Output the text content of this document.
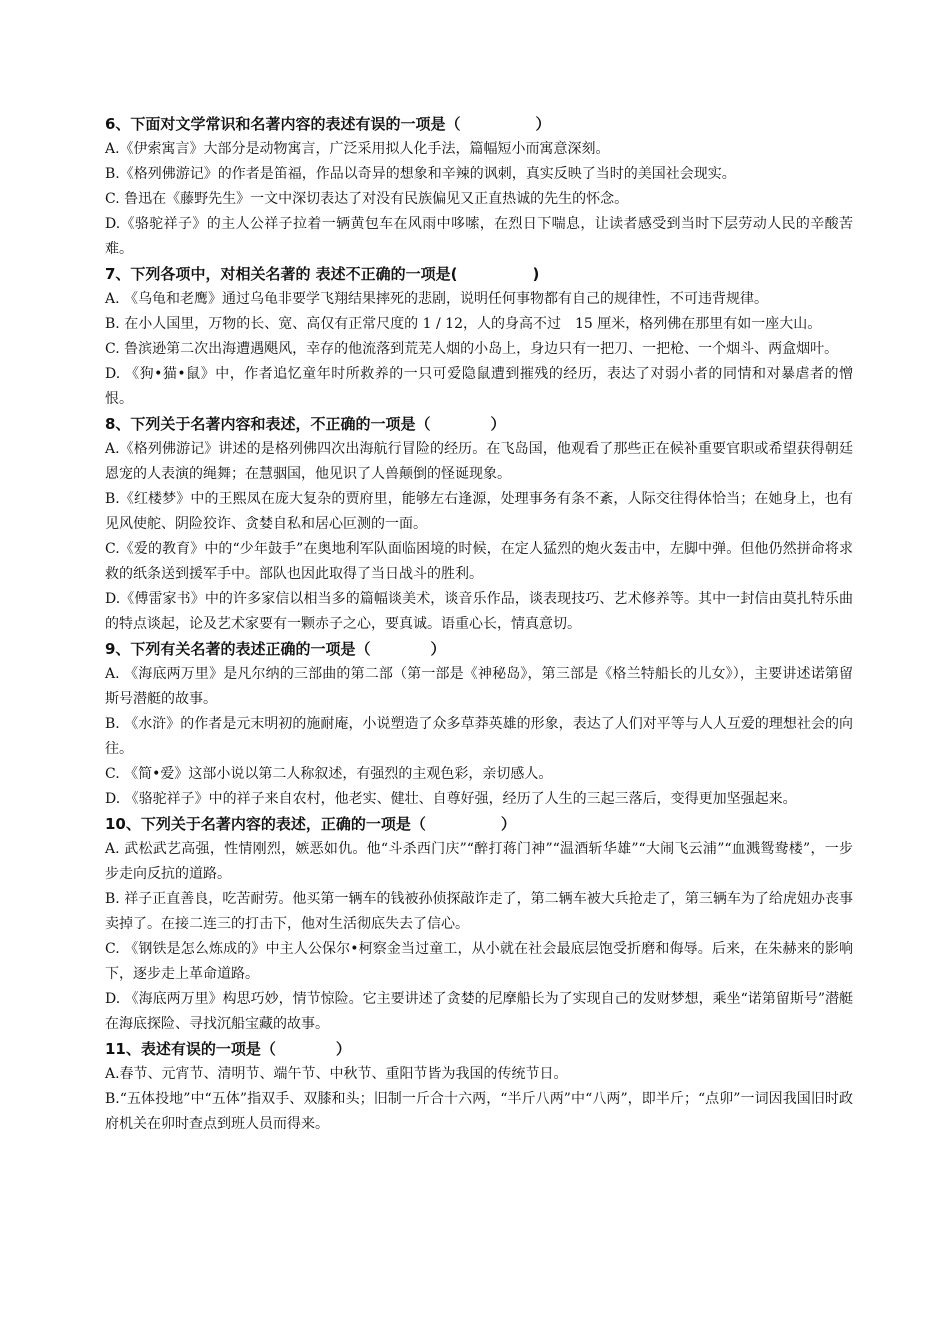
6、下面对文学常识和名著内容的表述有误的一项是（　　　　　）

A.《伊索寓言》大部分是动物寓言，广泛采用拟人化手法，篇幅短小而寓意深刻。

B.《格列佛游记》的作者是笛福，作品以奇异的想象和辛辣的讽刺，真实反映了当时的美国社会现实。

C. 鲁迅在《藤野先生》一文中深切表达了对没有民族偏见又正直热诚的先生的怀念。

D.《骆驼祥子》的主人公祥子拉着一辆黄包车在风雨中哆嗦，在烈日下喘息，让读者感受到当时下层劳动人民的辛酸苦难。

7、下列各项中，对相关名著的 表述不正确的一项是(　　　　　)

A. 《乌龟和老鹰》通过乌龟非要学飞翔结果摔死的悲剧，说明任何事物都有自己的规律性，不可违背规律。

B. 在小人国里，万物的长、宽、高仅有正常尺度的 1 / 12，人的身高不过　15 厘米，格列佛在那里有如一座大山。

C. 鲁滨逊第二次出海遭遇飓风，幸存的他流落到荒芜人烟的小岛上，身边只有一把刀、一把枪、一个烟斗、两盒烟叶。

D. 《狗•猫•鼠》中，作者追忆童年时所救养的一只可爱隐鼠遭到摧残的经历，表达了对弱小者的同情和对暴虐者的憎恨。

8、下列关于名著内容和表述，不正确的一项是（　　　　）

A.《格列佛游记》讲述的是格列佛四次出海航行冒险的经历。在飞岛国，他观看了那些正在候补重要官职或希望获得朝廷恩宠的人表演的绳舞；在慧骃国，他见识了人兽颠倒的怪诞现象。

B.《红楼梦》中的王熙凤在庞大复杂的贾府里，能够左右逢源，处理事务有条不紊，人际交往得体恰当；在她身上，也有见风使舵、阴险狡诈、贪婪自私和居心叵测的一面。

C.《爱的教育》中的“少年鼓手”在奥地利军队面临困境的时候，在定人猛烈的炮火轰击中，左脚中弹。但他仍然拼命将求救的纸条送到援军手中。部队也因此取得了当日战斗的胜利。

D.《傅雷家书》中的许多家信以相当多的篇幅谈美术，谈音乐作品，谈表现技巧、艺术修养等。其中一封信由莫扎特乐曲的特点谈起，论及艺术家要有一颗赤子之心，要真诚。语重心长，情真意切。

9、下列有关名著的表述正确的一项是（　　　　）

A. 《海底两万里》是凡尔纳的三部曲的第二部（第一部是《神秘岛》，第三部是《格兰特船长的儿女》），主要讲述诺第留斯号潜艇的故事。

B. 《水浒》的作者是元末明初的施耐庵，小说塑造了众多草莽英雄的形象，表达了人们对平等与人人互爱的理想社会的向往。

C. 《简•爱》这部小说以第二人称叙述，有强烈的主观色彩，亲切感人。

D. 《骆驼祥子》中的祥子来自农村，他老实、健壮、自尊好强，经历了人生的三起三落后，变得更加坚强起来。

10、下列关于名著内容的表述，正确的一项是（　　　　　）

A. 武松武艺高强，性情刚烈，嫉恶如仇。他“斗杀西门庆”“醉打蒋门神”“温酒斩华雄”“大闹飞云浦”“血溅鸳鸯楼”，一步步走向反抗的道路。

B. 祥子正直善良，吃苦耐劳。他买第一辆车的钱被孙侦探敲诈走了，第二辆车被大兵抢走了，第三辆车为了给虎妞办丧事卖掉了。在接二连三的打击下，他对生活彻底失去了信心。

C. 《钢铁是怎么炼成的》中主人公保尔•柯察金当过童工，从小就在社会最底层饱受折磨和侮辱。后来，在朱赫来的影响下，逐步走上革命道路。

D. 《海底两万里》构思巧妙，情节惊险。它主要讲述了贪婪的尼摩船长为了实现自己的发财梦想，乘坐“诺第留斯号”潜艇在海底探险、寻找沉船宝藏的故事。

11、表述有误的一项是（　　　　）

A.春节、元宵节、清明节、端午节、中秋节、重阳节皆为我国的传统节日。

B.“五体投地”中“五体”指双手、双膝和头；旧制一斤合十六两，“半斤八两”中“八两”，即半斤；“点卯”一词因我国旧时政府机关在卯时查点到班人员而得来。
